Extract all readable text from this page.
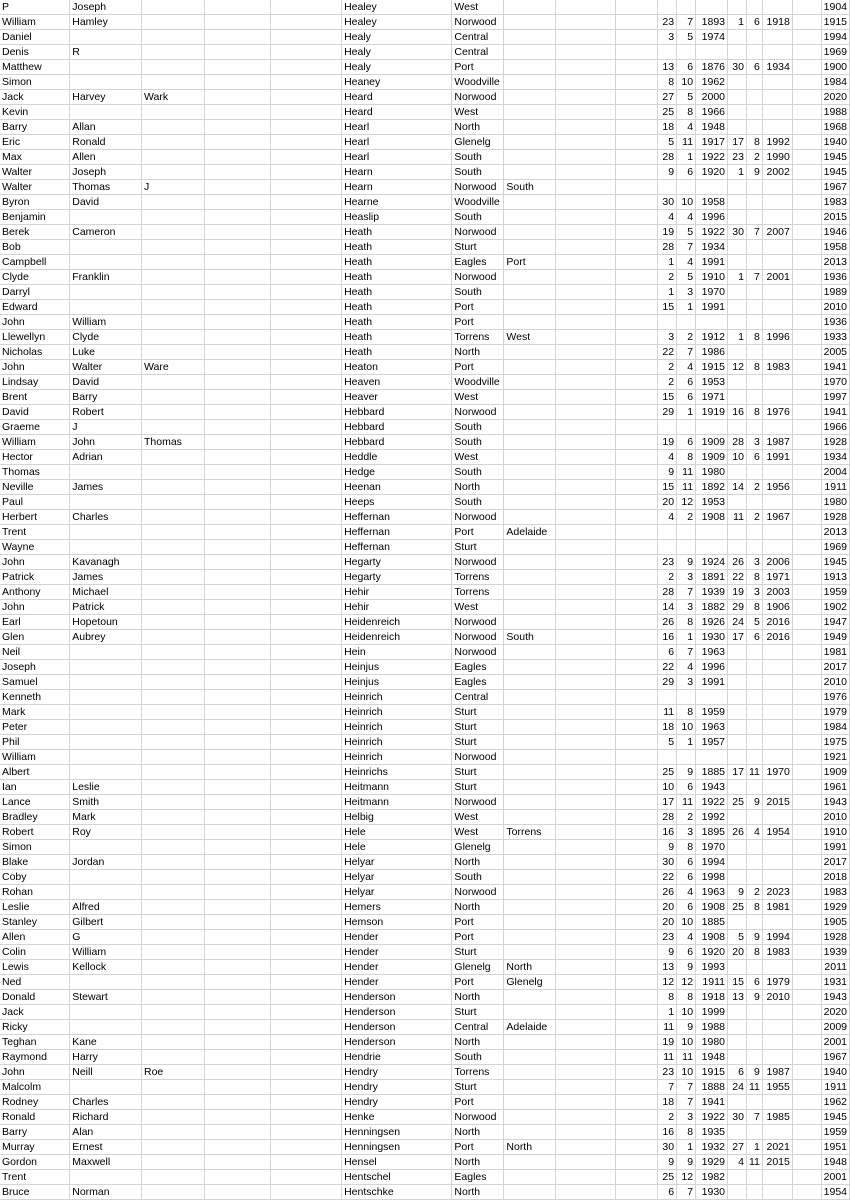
P	Joseph				Healey	West											1904
William	Hamley				Healey	Norwood				23	7	1893	1	6	1918		1915
Daniel					Healy	Central				3	5	1974					1994
Denis	R				Healy	Central											1969
Matthew					Healy	Port				13	6	1876	30	6	1934		1900
Simon					Heaney	Woodville				8	10	1962					1984
Jack	Harvey	Wark			Heard	Norwood				27	5	2000					2020
Kevin					Heard	West				25	8	1966					1988
Barry	Allan				Hearl	North				18	4	1948					1968
Eric	Ronald				Hearl	Glenelg				5	11	1917	17	8	1992		1940
Max	Allen				Hearl	South				28	1	1922	23	2	1990		1945
Walter	Joseph				Hearn	South				9	6	1920	1	9	2002		1945
Walter	Thomas	J			Hearn	Norwood	South										1967
Byron	David				Hearne	Woodville				30	10	1958					1983
Benjamin					Heaslip	South				4	4	1996					2015
Berek	Cameron				Heath	Norwood				19	5	1922	30	7	2007		1946
Bob					Heath	Sturt				28	7	1934					1958
Campbell					Heath	Eagles	Port			1	4	1991					2013
Clyde	Franklin				Heath	Norwood				2	5	1910	1	7	2001		1936
Darryl					Heath	South				1	3	1970					1989
Edward					Heath	Port				15	1	1991					2010
John	William				Heath	Port											1936
Llewellyn	Clyde				Heath	Torrens	West			3	2	1912	1	8	1996		1933
Nicholas	Luke				Heath	North				22	7	1986					2005
John	Walter	Ware			Heaton	Port				2	4	1915	12	8	1983		1941
Lindsay	David				Heaven	Woodville				2	6	1953					1970
Brent	Barry				Heaver	West				15	6	1971					1997
David	Robert				Hebbard	Norwood				29	1	1919	16	8	1976		1941
Graeme	J				Hebbard	South											1966
William	John	Thomas			Hebbard	South				19	6	1909	28	3	1987		1928
Hector	Adrian				Heddle	West				4	8	1909	10	6	1991		1934
Thomas					Hedge	South				9	11	1980					2004
Neville	James				Heenan	North				15	11	1892	14	2	1956		1911
Paul					Heeps	South				20	12	1953					1980
Herbert	Charles				Heffernan	Norwood				4	2	1908	11	2	1967		1928
Trent					Heffernan	Port	Adelaide										2013
Wayne					Heffernan	Sturt											1969
John	Kavanagh				Hegarty	Norwood				23	9	1924	26	3	2006		1945
Patrick	James				Hegarty	Torrens				2	3	1891	22	8	1971		1913
Anthony	Michael				Hehir	Torrens				28	7	1939	19	3	2003		1959
John	Patrick				Hehir	West				14	3	1882	29	8	1906		1902
Earl	Hopetoun				Heidenreich	Norwood				26	8	1926	24	5	2016		1947
Glen	Aubrey				Heidenreich	Norwood	South			16	1	1930	17	6	2016		1949
Neil					Hein	Norwood				6	7	1963					1981
Joseph					Heinjus	Eagles				22	4	1996					2017
Samuel					Heinjus	Eagles				29	3	1991					2010
Kenneth					Heinrich	Central											1976
Mark					Heinrich	Sturt				11	8	1959					1979
Peter					Heinrich	Sturt				18	10	1963					1984
Phil					Heinrich	Sturt				5	1	1957					1975
William					Heinrich	Norwood											1921
Albert					Heinrichs	Sturt				25	9	1885	17	11	1970		1909
Ian	Leslie				Heitmann	Sturt				10	6	1943					1961
Lance	Smith				Heitmann	Norwood				17	11	1922	25	9	2015		1943
Bradley	Mark				Helbig	West				28	2	1992					2010
Robert	Roy				Hele	West	Torrens			16	3	1895	26	4	1954		1910
Simon					Hele	Glenelg				9	8	1970					1991
Blake	Jordan				Helyar	North				30	6	1994					2017
Coby					Helyar	South				22	6	1998					2018
Rohan					Helyar	Norwood				26	4	1963	9	2	2023		1983
Leslie	Alfred				Hemers	North				20	6	1908	25	8	1981		1929
Stanley	Gilbert				Hemson	Port				20	10	1885					1905
Allen	G				Hender	Port				23	4	1908	5	9	1994		1928
Colin	William				Hender	Sturt				9	6	1920	20	8	1983		1939
Lewis	Kellock				Hender	Glenelg	North			13	9	1993					2011
Ned					Hender	Port	Glenelg			12	12	1911	15	6	1979		1931
Donald	Stewart				Henderson	North				8	8	1918	13	9	2010		1943
Jack					Henderson	Sturt				1	10	1999					2020
Ricky					Henderson	Central	Adelaide			11	9	1988					2009
Teghan	Kane				Henderson	North				19	10	1980					2001
Raymond	Harry				Hendrie	South				11	11	1948					1967
John	Neill	Roe			Hendry	Torrens				23	10	1915	6	9	1987		1940
Malcolm					Hendry	Sturt				7	7	1888	24	11	1955		1911
Rodney	Charles				Hendry	Port				18	7	1941					1962
Ronald	Richard				Henke	Norwood				2	3	1922	30	7	1985		1945
Barry	Alan				Henningsen	North				16	8	1935					1959
Murray	Ernest				Henningsen	Port	North			30	1	1932	27	1	2021		1951
Gordon	Maxwell				Hensel	North				9	9	1929	4	11	2015		1948
Trent					Hentschel	Eagles				25	12	1982					2001
Bruce	Norman				Hentschke	North				6	7	1930					1954
